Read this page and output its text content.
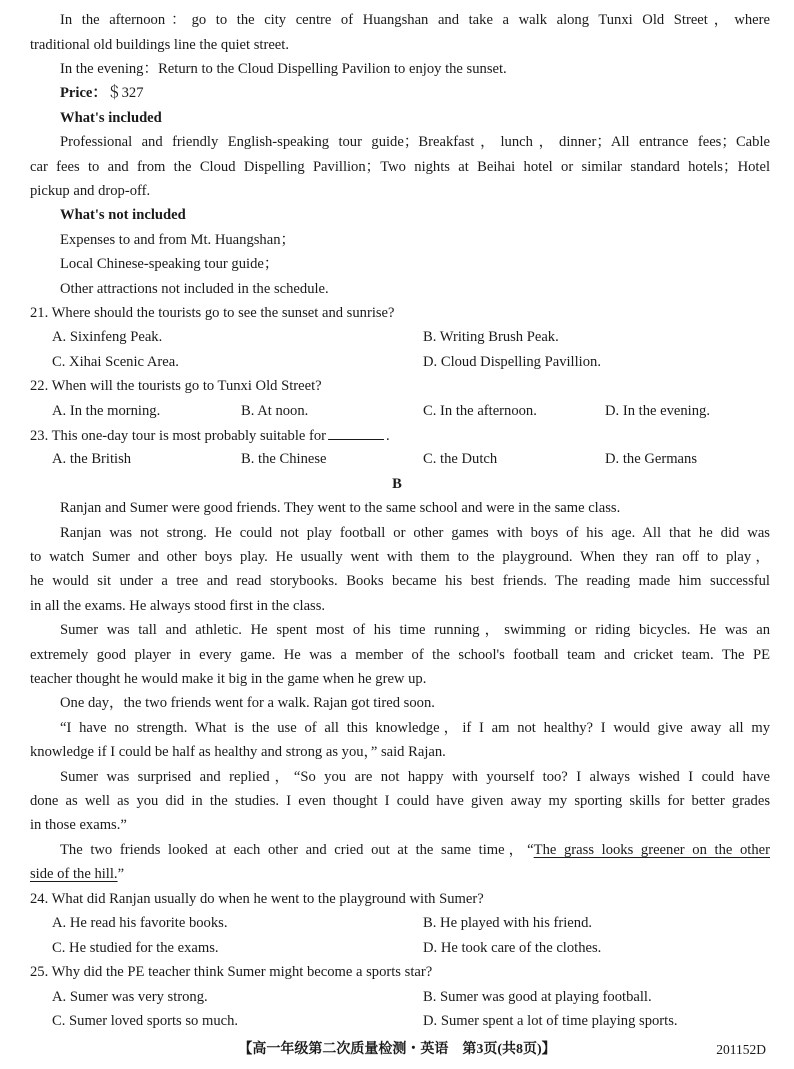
In the afternoon：go to the city centre of Huangshan and take a walk along Tunxi Old Street，where
traditional old buildings line the quiet street.
In the evening：Return to the Cloud Dispelling Pavilion to enjoy the sunset.
Price：＄327
What's included
Professional and friendly English-speaking tour guide；Breakfast，lunch，dinner；All entrance fees；Cable
car fees to and from the Cloud Dispelling Pavillion；Two nights at Beihai hotel or similar standard hotels；Hotel
pickup and drop-off.
What's not included
Expenses to and from Mt. Huangshan；
Local Chinese-speaking tour guide；
Other attractions not included in the schedule.
21. Where should the tourists go to see the sunset and sunrise?
A. Sixinfeng Peak.	B. Writing Brush Peak.
C. Xihai Scenic Area.	D. Cloud Dispelling Pavillion.
22. When will the tourists go to Tunxi Old Street?
A. In the morning.	B. At noon.	C. In the afternoon.	D. In the evening.
23. This one-day tour is most probably suitable for	.
A. the British	B. the Chinese	C. the Dutch	D. the Germans
B
Ranjan and Sumer were good friends. They went to the same school and were in the same class.
Ranjan was not strong. He could not play football or other games with boys of his age. All that he did was
to watch Sumer and other boys play. He usually went with them to the playground. When they ran off to play，
he would sit under a tree and read storybooks. Books became his best friends. The reading made him successful
in all the exams. He always stood first in the class.
Sumer was tall and athletic. He spent most of his time running，swimming or riding bicycles. He was an
extremely good player in every game. He was a member of the school's football team and cricket team. The PE
teacher thought he would make it big in the game when he grew up.
One day，the two friends went for a walk. Rajan got tired soon.
“I have no strength. What is the use of all this knowledge，if I am not healthy? I would give away all my
knowledge if I could be half as healthy and strong as you，” said Rajan.
Sumer was surprised and replied，“So you are not happy with yourself too? I always wished I could have
done as well as you did in the studies. I even thought I could have given away my sporting skills for better grades
in those exams.”
The two friends looked at each other and cried out at the same time，“The grass looks greener on the other
side of the hill.”
24. What did Ranjan usually do when he went to the playground with Sumer?
A. He read his favorite books.	B. He played with his friend.
C. He studied for the exams.	D. He took care of the clothes.
25. Why did the PE teacher think Sumer might become a sports star?
A. Sumer was very strong.	B. Sumer was good at playing football.
C. Sumer loved sports so much.	D. Sumer spent a lot of time playing sports.
【高一年级第二次质量检测・英语　第3页(共8页)】	201152D
